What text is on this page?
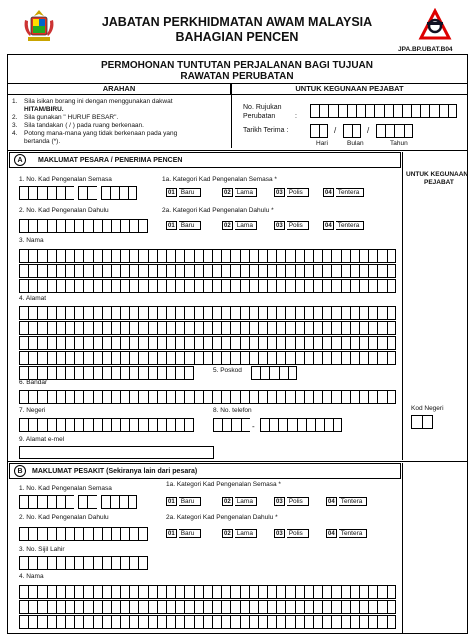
JABATAN PERKHIDMATAN AWAM MALAYSIA
BAHAGIAN PENCEN
JPA.BP.UBAT.B04
PERMOHONAN TUNTUTAN PERJALANAN BAGI TUJUAN
RAWATAN PERUBATAN
ARAHAN	UNTUK KEGUNAAN PEJABAT
1. Sila isikan borang ini dengan menggunakan dakwat
HITAM/BIRU.
2. Sila gunakan " HURUF BESAR".
3. Sila tandakan ( / ) pada ruang berkenaan.
4. Potong mana-mana yang tidak berkenaan pada yang
bertanda (*).
No. Rujukan
Perubatan	:
Tarikh Terima :	/	/
Hari	Bulan	Tahun
A	MAKLUMAT PESARA / PENERIMA PENCEN
UNTUK KEGUNAAN
PEJABAT
1. No. Kad Pengenalan Semasa	1a. Kategori Kad Pengenalan Semasa *
01 Baru	02 Lama	03 Polis	04 Tentera
2. No. Kad Pengenalan Dahulu	2a. Kategori Kad Pengenalan Dahulu *
01 Baru	02 Lama	03 Polis	04 Tentera
3. Nama
4. Alamat
5. Poskod
6. Bandar
7. Negeri	8. No. telefon
-
Kod Negeri
9. Alamat e-mel
B	MAKLUMAT PESAKIT (Sekiranya lain dari pesara)
1. No. Kad Pengenalan Semasa
1a. Kategori Kad Pengenalan Semasa *
01 Baru	02 Lama	03 Polis	04 Tentera
2. No. Kad Pengenalan Dahulu	2a. Kategori Kad Pengenalan Dahulu *
01 Baru	02 Lama	03 Polis	04 Tentera
3. No. Sijil Lahir
4. Nama
